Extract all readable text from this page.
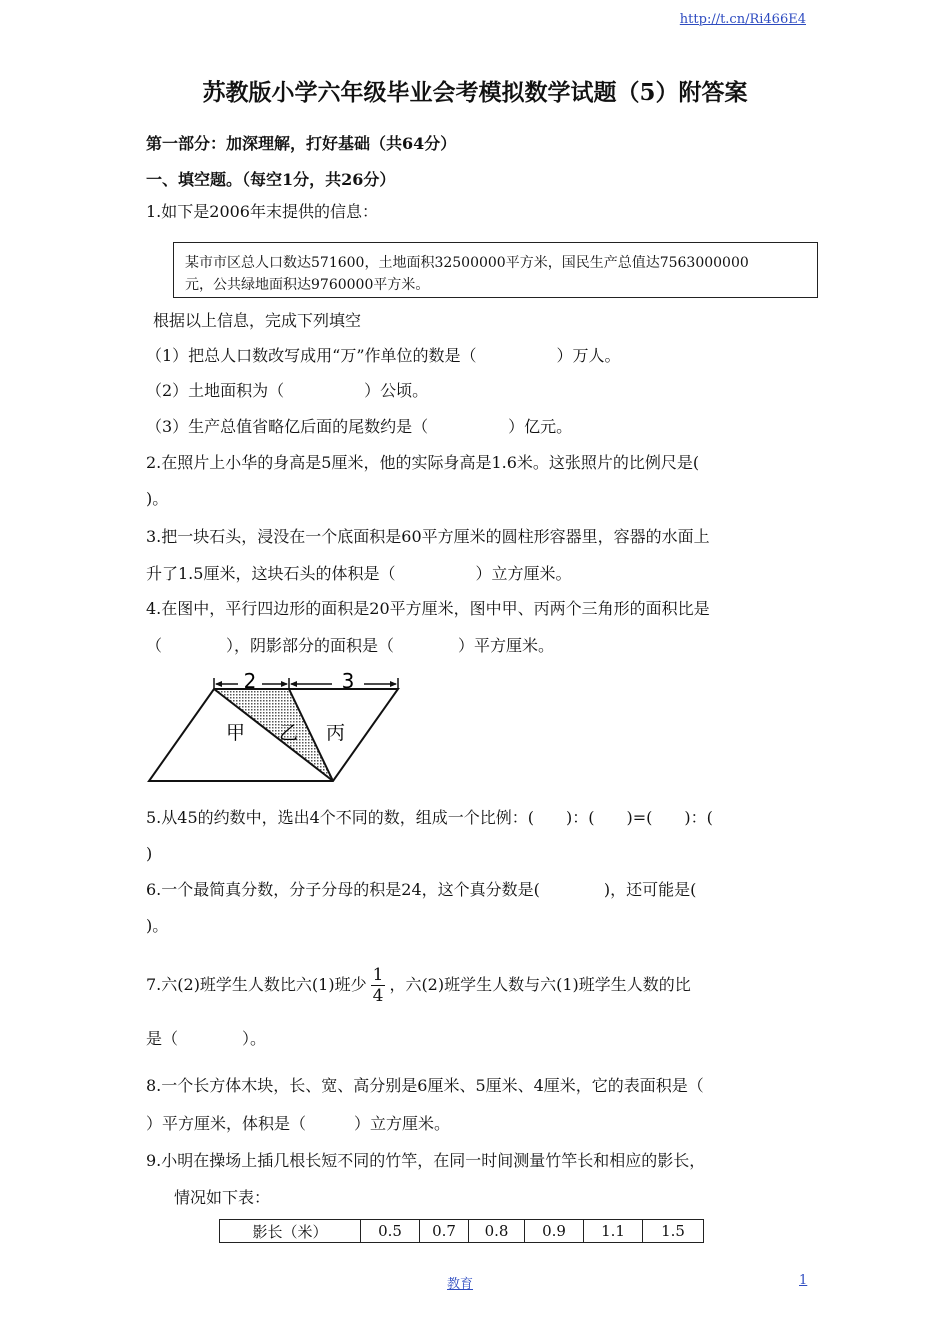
http://t.cn/Ri466E4
苏教版小学六年级毕业会考模拟数学试题（5）附答案
第一部分：加深理解，打好基础（共64分）
一、填空题。（每空1分，共26分）
1.如下是2006年末提供的信息：
某市市区总人口数达571600，土地面积32500000平方米，国民生产总值达7563000000
元，公共绿地面积达9760000平方米。
根据以上信息，完成下列填空
（1）把总人口数改写成用“万”作单位的数是（　　　　　）万人。
（2）土地面积为（　　　　　）公顷。
（3）生产总值省略亿后面的尾数约是（　　　　　）亿元。
2.在照片上小华的身高是5厘米，他的实际身高是1.6米。这张照片的比例尺是(
)。
3.把一块石头，浸没在一个底面积是60平方厘米的圆柱形容器里，容器的水面上
升了1.5厘米，这块石头的体积是（　　　　　）立方厘米。
4.在图中，平行四边形的面积是20平方厘米，图中甲、丙两个三角形的面积比是
（　　　　），阴影部分的面积是（　　　　）平方厘米。
2	3
甲 乙 丙
5.从45的约数中，选出4个不同的数，组成一个比例：(　　)：(　　)=(　　)：(
)
6.一个最简真分数，分子分母的积是24，这个真分数是(　　　　)，还可能是(
)。
7.六(2)班学生人数比六(1)班少 $\frac{1}{4}$ ，六(2)班学生人数与六(1)班学生人数的比
是（　　　　）。
8.一个长方体木块，长、宽、高分别是6厘米、5厘米、4厘米，它的表面积是（
）平方厘米，体积是（　　　）立方厘米。
9.小明在操场上插几根长短不同的竹竿，在同一时间测量竹竿长和相应的影长，
情况如下表：
影长（米）	0.5	0.7	0.8	0.9	1.1	1.5
教育	1
